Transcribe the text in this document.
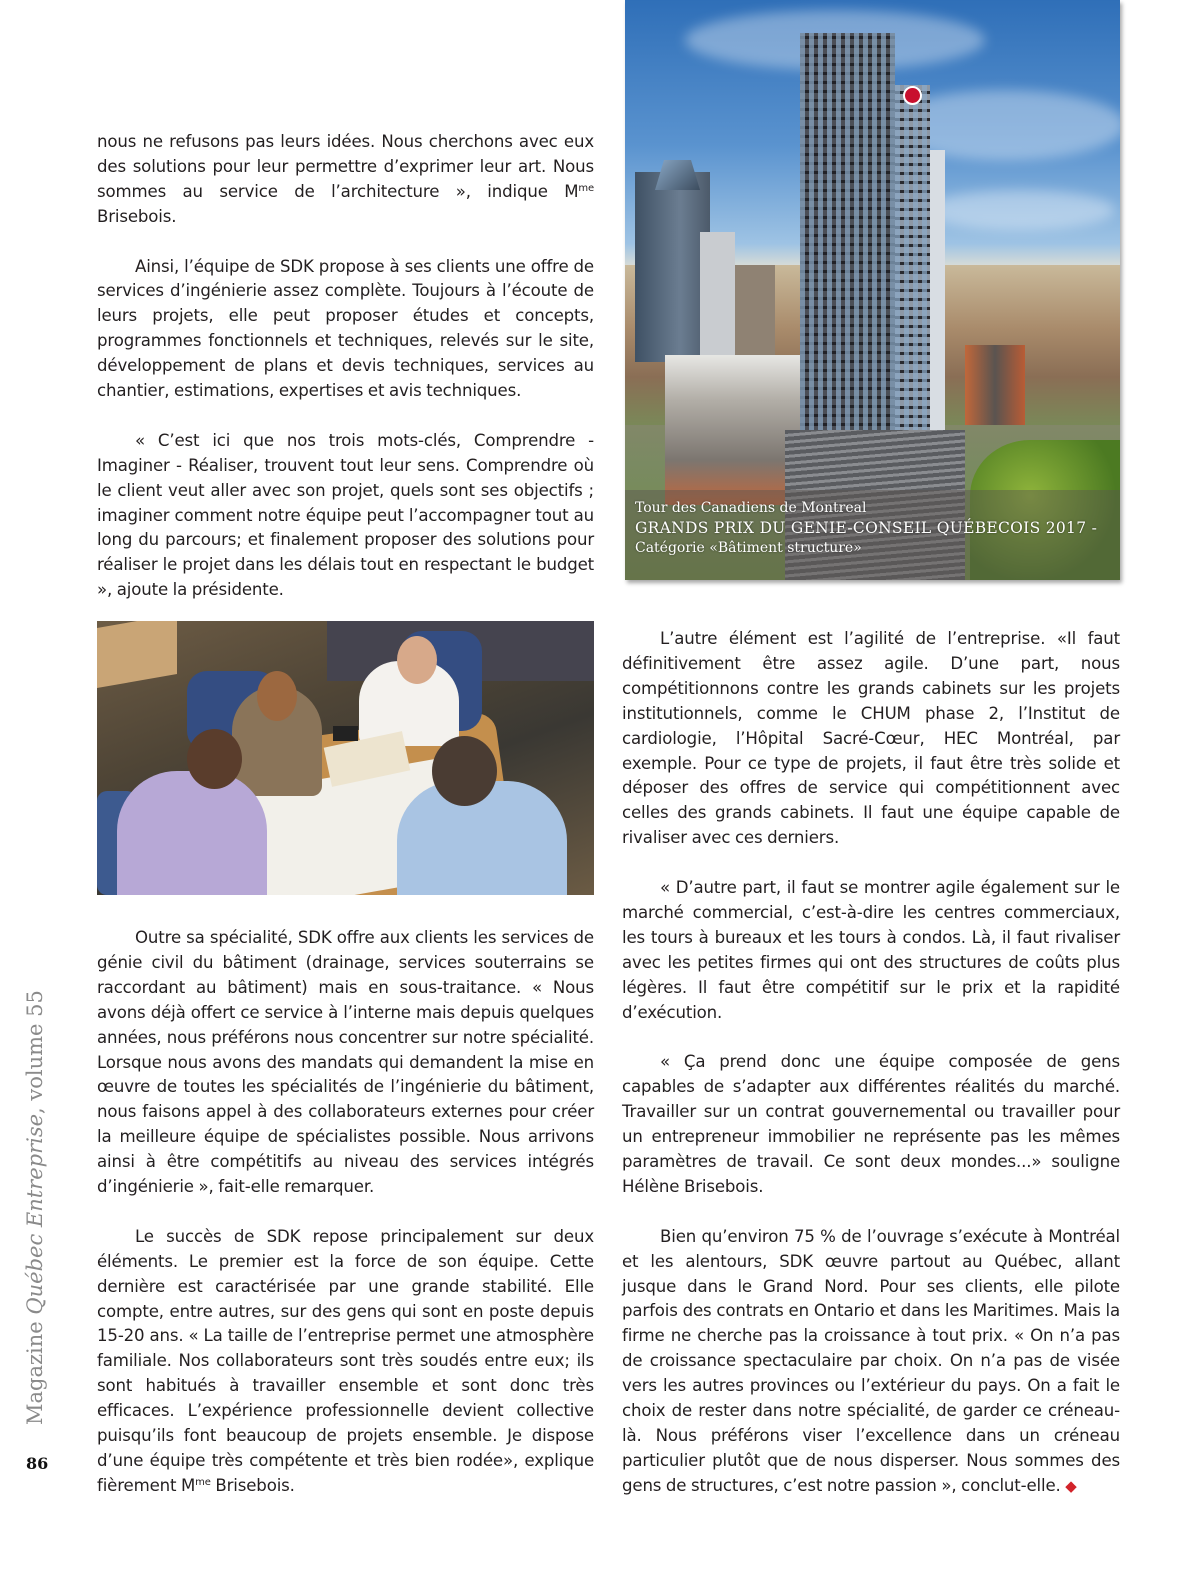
nous ne refusons pas leurs idées. Nous cherchons avec eux des solutions pour leur permettre d’exprimer leur art. Nous sommes au service de l’architecture », indique $M^{me}$ Brisebois.

Ainsi, l’équipe de SDK propose à ses clients une offre de services d’ingénierie assez complète. Toujours à l’écoute de leurs projets, elle peut proposer études et concepts, programmes fonctionnels et techniques, relevés sur le site, développement de plans et devis techniques, services au chantier, estimations, expertises et avis techniques.

« C’est ici que nos trois mots-clés, Comprendre - Imaginer - Réaliser, trouvent tout leur sens. Comprendre où le client veut aller avec son projet, quels sont ses objectifs ; imaginer comment notre équipe peut l’accompagner tout au long du parcours; et finalement proposer des solutions pour réaliser le projet dans les délais tout en respectant le budget », ajoute la présidente.

Tour des Canadiens de Montreal
GRANDS PRIX DU GENIE-CONSEIL QUÉBECOIS 2017 -
Catégorie «Bâtiment structure»

Outre sa spécialité, SDK offre aux clients les services de génie civil du bâtiment (drainage, services souterrains se raccordant au bâtiment) mais en sous-traitance. « Nous avons déjà offert ce service à l’interne mais depuis quelques années, nous préférons nous concentrer sur notre spécialité. Lorsque nous avons des mandats qui demandent la mise en œuvre de toutes les spécialités de l’ingénierie du bâtiment, nous faisons appel à des collaborateurs externes pour créer la meilleure équipe de spécialistes possible. Nous arrivons ainsi à être compétitifs au niveau des services intégrés d’ingénierie », fait-elle remarquer.

Le succès de SDK repose principalement sur deux éléments. Le premier est la force de son équipe. Cette dernière est caractérisée par une grande stabilité. Elle compte, entre autres, sur des gens qui sont en poste depuis 15-20 ans. « La taille de l’entreprise permet une atmosphère familiale. Nos collaborateurs sont très soudés entre eux; ils sont habitués à travailler ensemble et sont donc très efficaces. L’expérience professionnelle devient collective puisqu’ils font beaucoup de projets ensemble. Je dispose d’une équipe très compétente et très bien rodée», explique fièrement $M^{me}$ Brisebois.

L’autre élément est l’agilité de l’entreprise. «Il faut définitivement être assez agile. D’une part, nous compétitionnons contre les grands cabinets sur les projets institutionnels, comme le CHUM phase 2, l’Institut de cardiologie, l’Hôpital Sacré-Cœur, HEC Montréal, par exemple. Pour ce type de projets, il faut être très solide et déposer des offres de service qui compétitionnent avec celles des grands cabinets. Il faut une équipe capable de rivaliser avec ces derniers.

« D’autre part, il faut se montrer agile également sur le marché commercial, c’est-à-dire les centres commerciaux, les tours à bureaux et les tours à condos. Là, il faut rivaliser avec les petites firmes qui ont des structures de coûts plus légères. Il faut être compétitif sur le prix et la rapidité d’exécution.

« Ça prend donc une équipe composée de gens capables de s’adapter aux différentes réalités du marché. Travailler sur un contrat gouvernemental ou travailler pour un entrepreneur immobilier ne représente pas les mêmes paramètres de travail. Ce sont deux mondes...» souligne Hélène Brisebois.

Bien qu’environ 75 % de l’ouvrage s’exécute à Montréal et les alentours, SDK œuvre partout au Québec, allant jusque dans le Grand Nord. Pour ses clients, elle pilote parfois des contrats en Ontario et dans les Maritimes. Mais la firme ne cherche pas la croissance à tout prix. « On n’a pas de croissance spectaculaire par choix. On n’a pas de visée vers les autres provinces ou l’extérieur du pays. On a fait le choix de rester dans notre spécialité, de garder ce créneau-là. Nous préférons viser l’excellence dans un créneau particulier plutôt que de nous disperser. Nous sommes des gens de structures, c’est notre passion », conclut-elle. ◆

Magazine Québec Entreprise, volume 55
86
